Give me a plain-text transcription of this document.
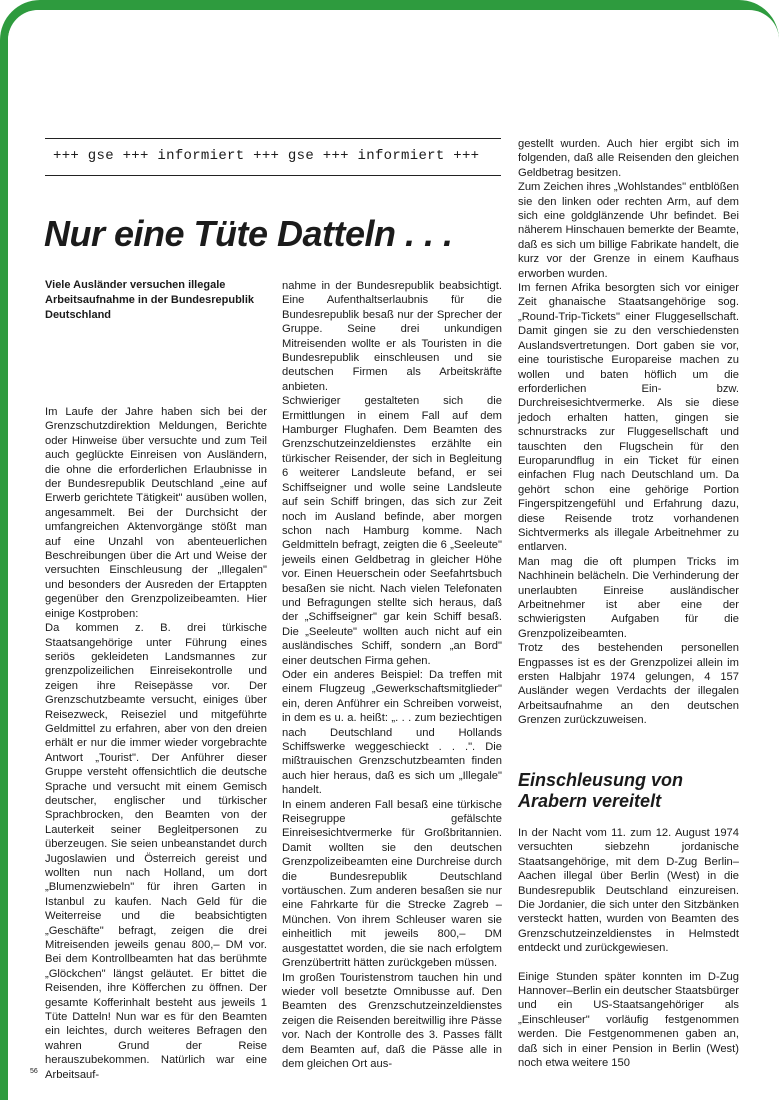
+++ gse +++ informiert +++ gse +++ informiert +++
Nur eine Tüte Datteln . . .
Viele Ausländer versuchen illegale Arbeitsaufnahme in der Bundesrepublik Deutschland

Im Laufe der Jahre haben sich bei der Grenzschutzdirektion Meldungen, Berichte oder Hinweise über versuchte und zum Teil auch geglückte Einreisen von Ausländern, die ohne die erforderlichen Erlaubnisse in der Bundesrepublik Deutschland „eine auf Erwerb gerichtete Tätigkeit" ausüben wollen, angesammelt. Bei der Durchsicht der umfangreichen Aktenvorgänge stößt man auf eine Unzahl von abenteuerlichen Beschreibungen über die Art und Weise der versuchten Einschleusung der „Illegalen" und besonders der Ausreden der Ertappten gegenüber den Grenzpolizeibeamten. Hier einige Kostproben:

Da kommen z. B. drei türkische Staatsangehörige unter Führung eines seriös gekleideten Landsmannes zur grenzpolizeilichen Einreisekontrolle und zeigen ihre Reisepässe vor. Der Grenzschutzbeamte versucht, einiges über Reisezweck, Reiseziel und mitgeführte Geldmittel zu erfahren, aber von den dreien erhält er nur die immer wieder vorgebrachte Antwort „Tourist". Der Anführer dieser Gruppe versteht offensichtlich die deutsche Sprache und versucht mit einem Gemisch deutscher, englischer und türkischer Sprachbrocken, den Beamten von der Lauterkeit seiner Begleitpersonen zu überzeugen. Sie seien unbeanstandet durch Jugoslawien und Österreich gereist und wollten nun nach Holland, um dort „Blumenzwiebeln" für ihren Garten in Istanbul zu kaufen. Nach Geld für die Weiterreise und die beabsichtigten „Geschäfte" befragt, zeigen die drei Mitreisenden jeweils genau 800,– DM vor. Bei dem Kontrollbeamten hat das berühmte „Glöckchen" längst geläutet. Er bittet die Reisenden, ihre Köfferchen zu öffnen. Der gesamte Kofferinhalt besteht aus jeweils 1 Tüte Datteln! Nun war es für den Beamten ein leichtes, durch weiteres Befragen den wahren Grund der Reise herauszubekommen. Natürlich war eine Arbeitsauf-

nahme in der Bundesrepublik beabsichtigt. Eine Aufenthaltserlaubnis für die Bundesrepublik besaß nur der Sprecher der Gruppe. Seine drei unkundigen Mitreisenden wollte er als Touristen in die Bundesrepublik einschleusen und sie deutschen Firmen als Arbeitskräfte anbieten.

Schwieriger gestalteten sich die Ermittlungen in einem Fall auf dem Hamburger Flughafen. Dem Beamten des Grenzschutzeinzeldienstes erzählte ein türkischer Reisender, der sich in Begleitung 6 weiterer Landsleute befand, er sei Schiffseigner und wolle seine Landsleute auf sein Schiff bringen, das sich zur Zeit noch im Ausland befinde, aber morgen schon nach Hamburg komme. Nach Geldmitteln befragt, zeigten die 6 „Seeleute" jeweils einen Geldbetrag in gleicher Höhe vor. Einen Heuerschein oder Seefahrtsbuch besaßen sie nicht. Nach vielen Telefonaten und Befragungen stellte sich heraus, daß der „Schiffseigner" gar kein Schiff besaß. Die „Seeleute" wollten auch nicht auf ein ausländisches Schiff, sondern „an Bord" einer deutschen Firma gehen.

Oder ein anderes Beispiel: Da treffen mit einem Flugzeug „Gewerkschaftsmitglieder" ein, deren Anführer ein Schreiben vorweist, in dem es u. a. heißt: „. . . zum beziechtigen nach Deutschland und Hollands Schiffswerke weggeschieckt . . .". Die mißtrauischen Grenzschutzbeamten finden auch hier heraus, daß es sich um „Illegale" handelt.

In einem anderen Fall besaß eine türkische Reisegruppe gefälschte Einreisesichtvermerke für Großbritannien. Damit wollten sie den deutschen Grenzpolizeibeamten eine Durchreise durch die Bundesrepublik Deutschland vortäuschen. Zum anderen besaßen sie nur eine Fahrkarte für die Strecke Zagreb – München. Von ihrem Schleuser waren sie einheitlich mit jeweils 800,– DM ausgestattet worden, die sie nach erfolgtem Grenzübertritt hätten zurückgeben müssen.

Im großen Touristenstrom tauchen hin und wieder voll besetzte Omnibusse auf. Den Beamten des Grenzschutzeinzeldienstes zeigen die Reisenden bereitwillig ihre Pässe vor. Nach der Kontrolle des 3. Passes fällt dem Beamten auf, daß die Pässe alle in dem gleichen Ort aus-

gestellt wurden. Auch hier ergibt sich im folgenden, daß alle Reisenden den gleichen Geldbetrag besitzen.

Zum Zeichen ihres „Wohlstandes" entblößen sie den linken oder rechten Arm, auf dem sich eine goldglänzende Uhr befindet. Bei näherem Hinschauen bemerkte der Beamte, daß es sich um billige Fabrikate handelt, die kurz vor der Grenze in einem Kaufhaus erworben wurden.

Im fernen Afrika besorgten sich vor einiger Zeit ghanaische Staatsangehörige sog. „Round-Trip-Tickets" einer Fluggesellschaft. Damit gingen sie zu den verschiedensten Auslandsvertretungen. Dort gaben sie vor, eine touristische Europareise machen zu wollen und baten höflich um die erforderlichen Ein- bzw. Durchreisesichtvermerke. Als sie diese jedoch erhalten hatten, gingen sie schnurstracks zur Fluggesellschaft und tauschten den Flugschein für den Europarundflug in ein Ticket für einen einfachen Flug nach Deutschland um. Da gehört schon eine gehörige Portion Fingerspitzengefühl und Erfahrung dazu, diese Reisende trotz vorhandenen Sichtvermerks als illegale Arbeitnehmer zu entlarven.

Man mag die oft plumpen Tricks im Nachhinein belächeln. Die Verhinderung der unerlaubten Einreise ausländischer Arbeitnehmer ist aber eine der schwierigsten Aufgaben für die Grenzpolizeibeamten.

Trotz des bestehenden personellen Engpasses ist es der Grenzpolizei allein im ersten Halbjahr 1974 gelungen, 4 157 Ausländer wegen Verdachts der illegalen Arbeitsaufnahme an den deutschen Grenzen zurückzuweisen.

Einschleusung von Arabern vereitelt

In der Nacht vom 11. zum 12. August 1974 versuchten siebzehn jordanische Staatsangehörige, mit dem D-Zug Berlin–Aachen illegal über Berlin (West) in die Bundesrepublik Deutschland einzureisen. Die Jordanier, die sich unter den Sitzbänken versteckt hatten, wurden von Beamten des Grenzschutzeinzeldienstes in Helmstedt entdeckt und zurückgewiesen.

Einige Stunden später konnten im D-Zug Hannover–Berlin ein deutscher Staatsbürger und ein US-Staatsangehöriger als „Einschleuser" vorläufig festgenommen werden. Die Festgenommenen gaben an, daß sich in einer Pension in Berlin (West) noch etwa weitere 150

56
